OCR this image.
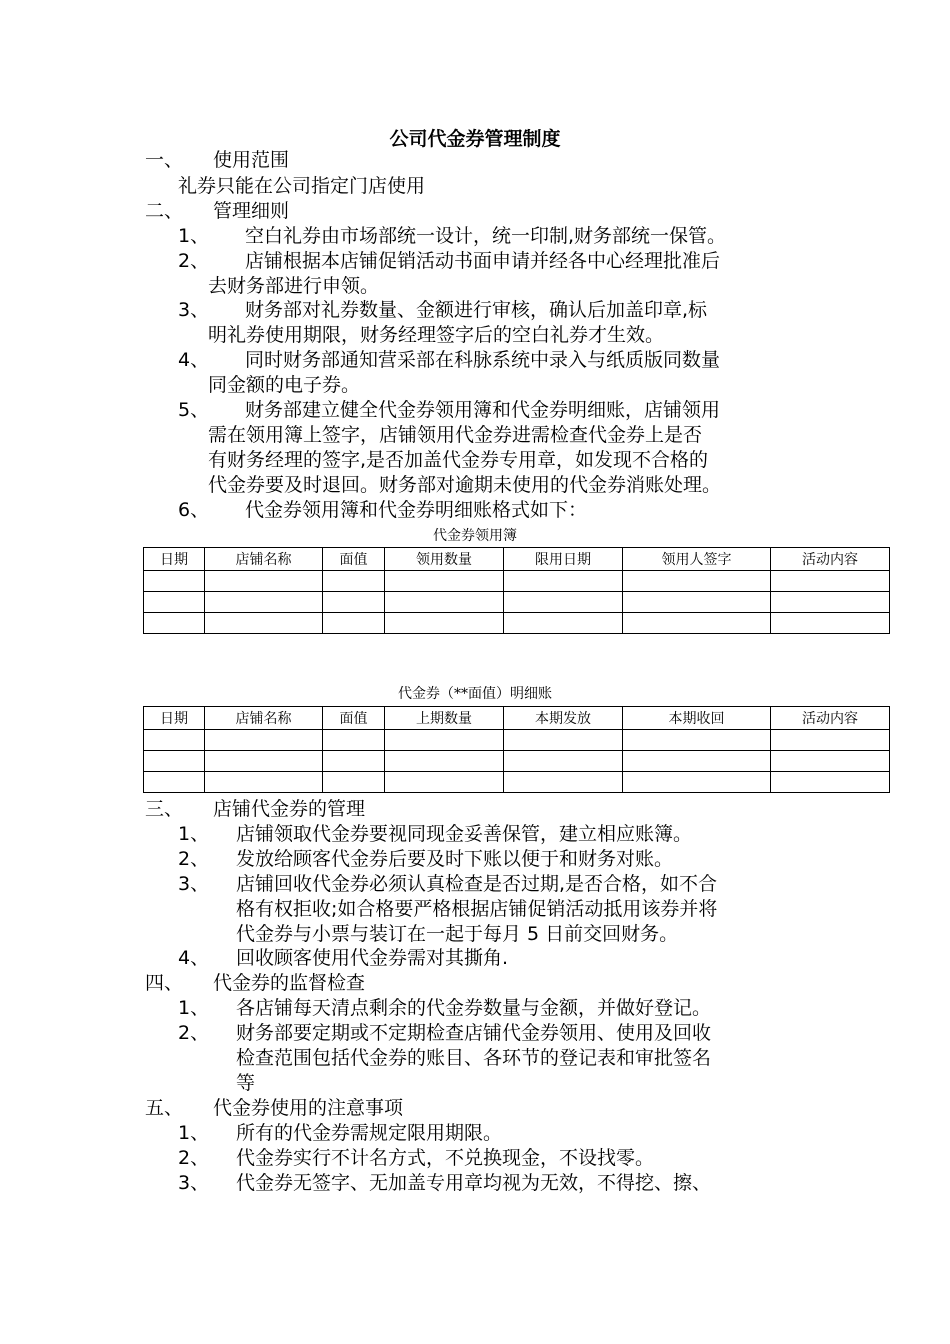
公司代金券管理制度
一、 使用范围
礼券只能在公司指定门店使用
二、 管理细则
1、 空白礼券由市场部统一设计，统一印制,财务部统一保管。
2、 店铺根据本店铺促销活动书面申请并经各中心经理批准后
去财务部进行申领。
3、 财务部对礼券数量、金额进行审核，确认后加盖印章,标
明礼券使用期限，财务经理签字后的空白礼券才生效。
4、 同时财务部通知营采部在科脉系统中录入与纸质版同数量
同金额的电子券。
5、 财务部建立健全代金券领用簿和代金券明细账，店铺领用
需在领用簿上签字，店铺领用代金券进需检查代金券上是否
有财务经理的签字,是否加盖代金券专用章，如发现不合格的
代金券要及时退回。财务部对逾期未使用的代金券消账处理。
6、 代金券领用簿和代金券明细账格式如下：
代金券领用簿
日期	店铺名称	面值	领用数量	限用日期	领用人签字	活动内容

代金券（**面值）明细账
日期	店铺名称	面值	上期数量	本期发放	本期收回	活动内容

三、 店铺代金券的管理
1、 店铺领取代金券要视同现金妥善保管，建立相应账簿。
2、 发放给顾客代金券后要及时下账以便于和财务对账。
3、 店铺回收代金券必须认真检查是否过期,是否合格，如不合
格有权拒收;如合格要严格根据店铺促销活动抵用该券并将
代金券与小票与装订在一起于每月 5 日前交回财务。
4、 回收顾客使用代金券需对其撕角.
四、 代金券的监督检查
1、 各店铺每天清点剩余的代金券数量与金额，并做好登记。
2、 财务部要定期或不定期检查店铺代金券领用、使用及回收
检查范围包括代金券的账目、各环节的登记表和审批签名
等
五、 代金券使用的注意事项
1、 所有的代金券需规定限用期限。
2、 代金券实行不计名方式，不兑换现金，不设找零。
3、 代金券无签字、无加盖专用章均视为无效，不得挖、擦、
